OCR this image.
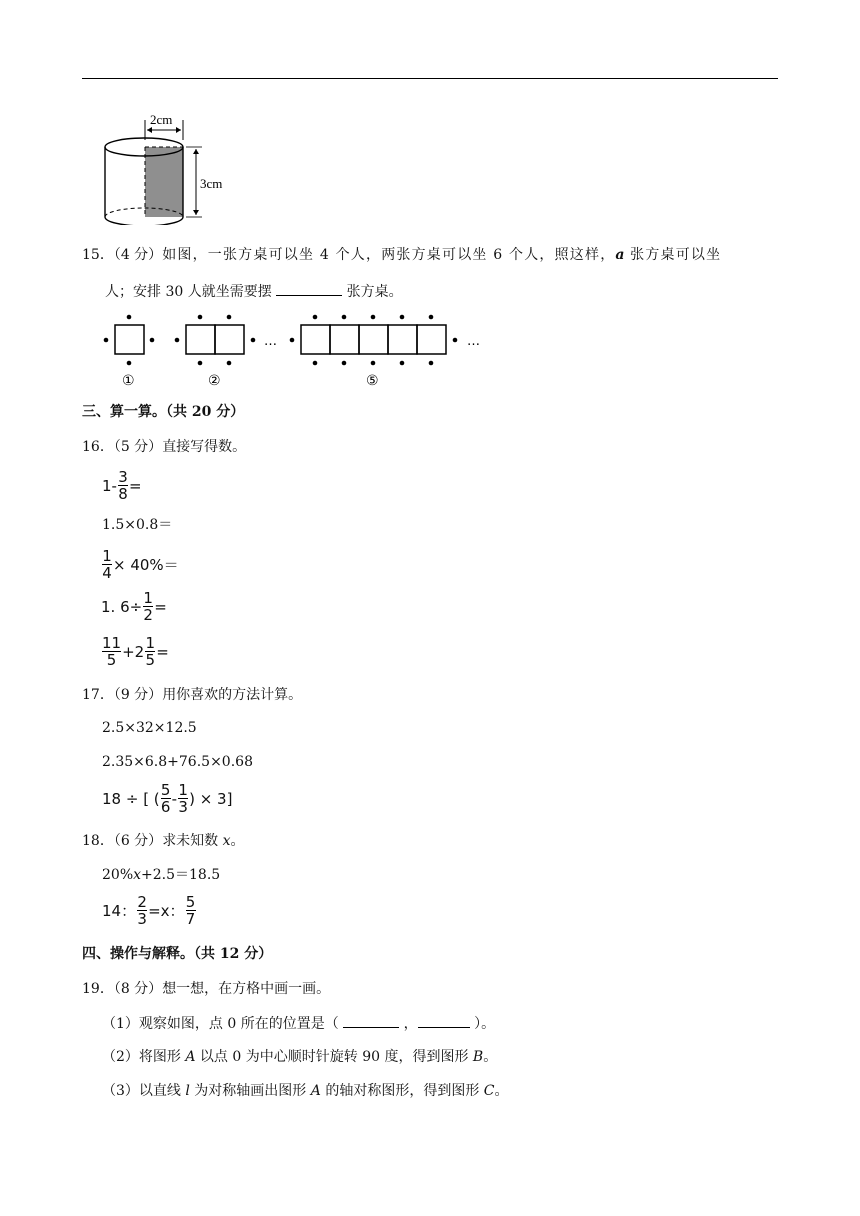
2cm
3cm
15．（4 分）如图，一张方桌可以坐 4 个人，两张方桌可以坐 6 个人，照这样，a 张方桌可以坐
人；安排 30 人就坐需要摆	张方桌。
…	…
①	②	⑤
三、算一算。（共 20 分）
16．（5 分）直接写得数。
$1- \frac{3}{8}$ =
1.5×0.8＝
$\frac{1}{4} \times 40\%=$
1. $6\div \frac{1}{2}$ =
$\frac{11}{5} +2 \frac{1}{5}$ =
17．（9 分）用你喜欢的方法计算。
2.5×32×12.5
2.35×6.8+76.5×0.68
18 ÷ [ ( $\frac{5}{6} - \frac{1}{3}$ ) × 3]
18．（6 分）求未知数 x。
20%x+2.5＝18.5
14： $\frac{2}{3} =x$： $\frac{5}{7}$
四、操作与解释。（共 12 分）
19．（8 分）想一想，在方格中画一画。
（1）观察如图，点 0 所在的位置是（	，	）。
（2）将图形 A 以点 0 为中心顺时针旋转 90 度，得到图形 B。
（3）以直线 l 为对称轴画出图形 A 的轴对称图形，得到图形 C。
